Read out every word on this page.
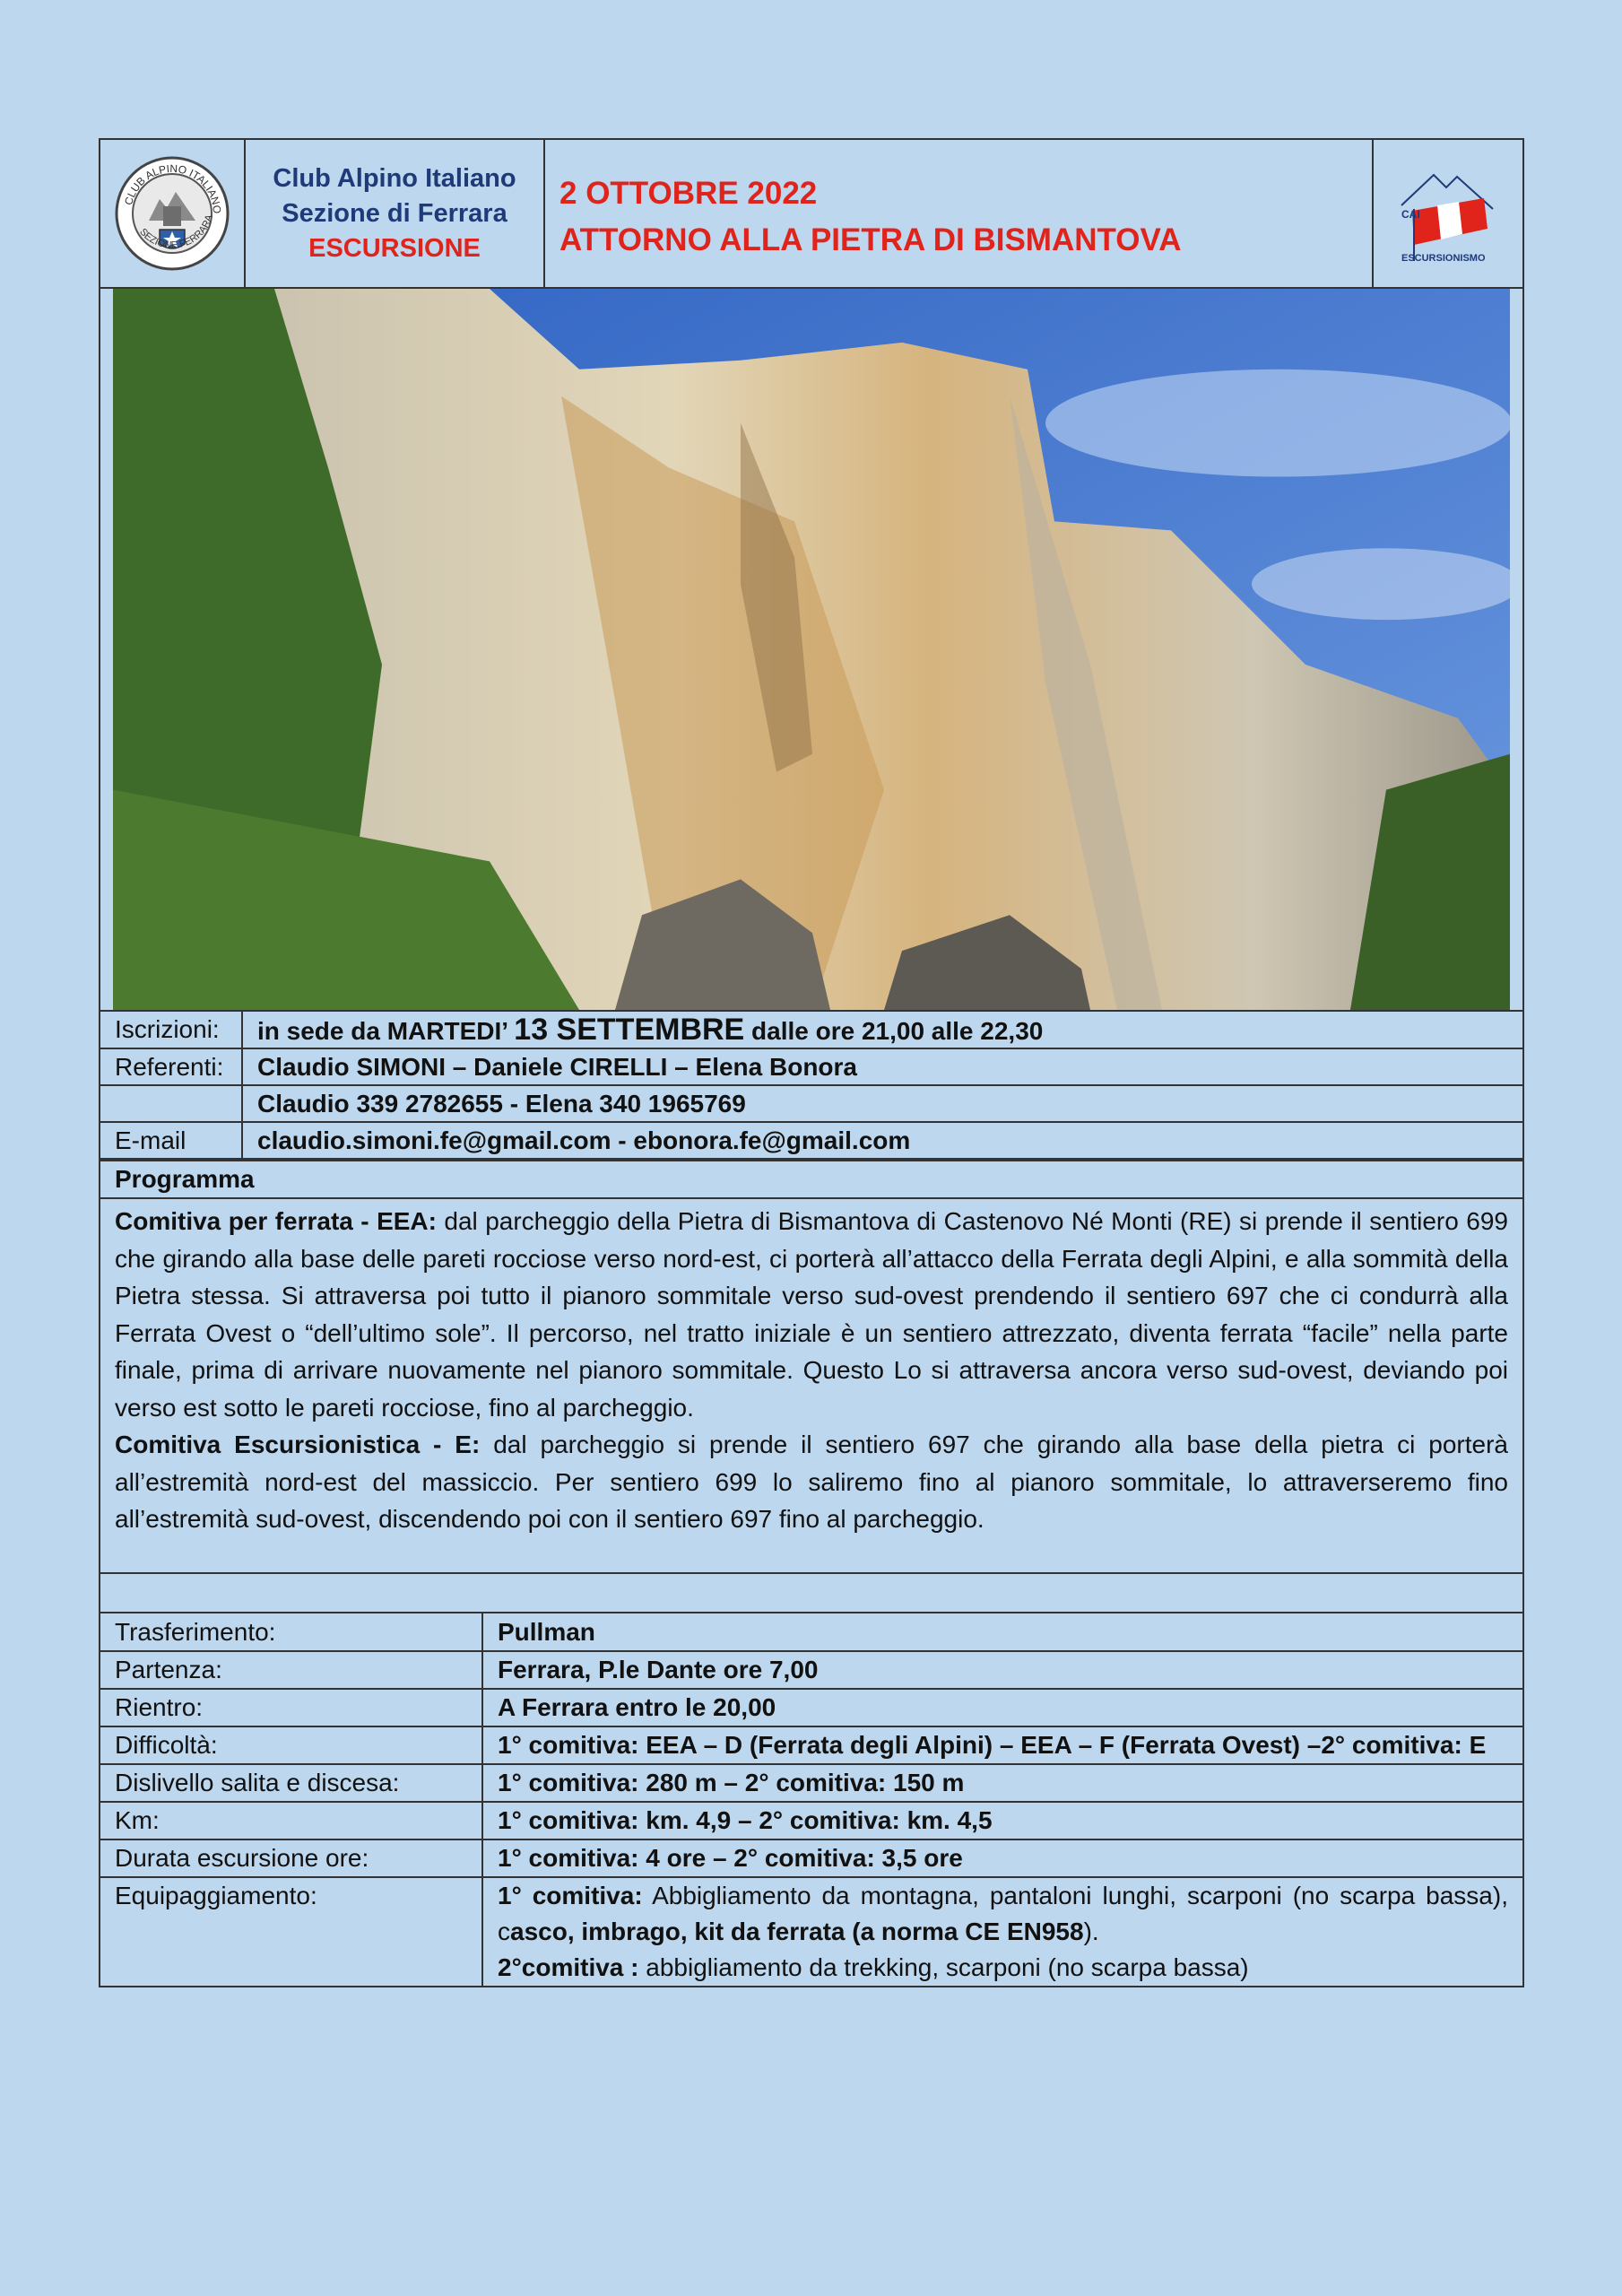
CLUB ALPINO ITALIANO
SEZIONE FERRARA
Club Alpino Italiano
Sezione di Ferrara
ESCURSIONE
2 OTTOBRE 2022
ATTORNO ALLA PIETRA DI BISMANTOVA
CAI
ESCURSIONISMO
Iscrizioni:	in sede da MARTEDI’ 13 SETTEMBRE dalle ore 21,00 alle 22,30
Referenti:	Claudio SIMONI – Daniele CIRELLI – Elena Bonora
	Claudio 339 2782655 - Elena 340 1965769
E-mail	claudio.simoni.fe@gmail.com - ebonora.fe@gmail.com
Programma

Comitiva per ferrata - EEA: dal parcheggio della Pietra di Bismantova di Castenovo Né Monti (RE) si prende il sentiero 699 che girando alla base delle pareti rocciose verso nord-est, ci porterà all’attacco della Ferrata degli Alpini, e alla sommità della Pietra stessa. Si attraversa poi tutto il pianoro sommitale verso sud-ovest prendendo il sentiero 697 che ci condurrà alla Ferrata Ovest o “dell’ultimo sole”. Il percorso, nel tratto iniziale è un sentiero attrezzato, diventa ferrata “facile” nella parte finale, prima di arrivare nuovamente nel pianoro sommitale. Questo Lo si attraversa ancora verso sud-ovest, deviando poi verso est sotto le pareti rocciose, fino al parcheggio.

Comitiva Escursionistica - E: dal parcheggio si prende il sentiero 697 che girando alla base della pietra ci porterà all’estremità nord-est del massiccio. Per sentiero 699 lo saliremo fino al pianoro sommitale, lo attraverseremo fino all’estremità sud-ovest, discendendo poi con il sentiero 697 fino al parcheggio.

Trasferimento:	Pullman
Partenza:	Ferrara, P.le Dante ore 7,00
Rientro:	A Ferrara entro le 20,00
Difficoltà:	1° comitiva: EEA – D (Ferrata degli Alpini) – EEA – F (Ferrata Ovest) –2° comitiva: E
Dislivello salita e discesa:	1° comitiva: 280 m – 2° comitiva: 150 m
Km:	1° comitiva: km. 4,9 – 2° comitiva: km. 4,5
Durata escursione ore:	1° comitiva: 4 ore – 2° comitiva: 3,5 ore
Equipaggiamento:	1° comitiva: Abbigliamento da montagna, pantaloni lunghi, scarponi (no scarpa bassa), casco, imbrago, kit da ferrata (a norma CE EN958).
2°comitiva : abbigliamento da trekking, scarponi (no scarpa bassa)
